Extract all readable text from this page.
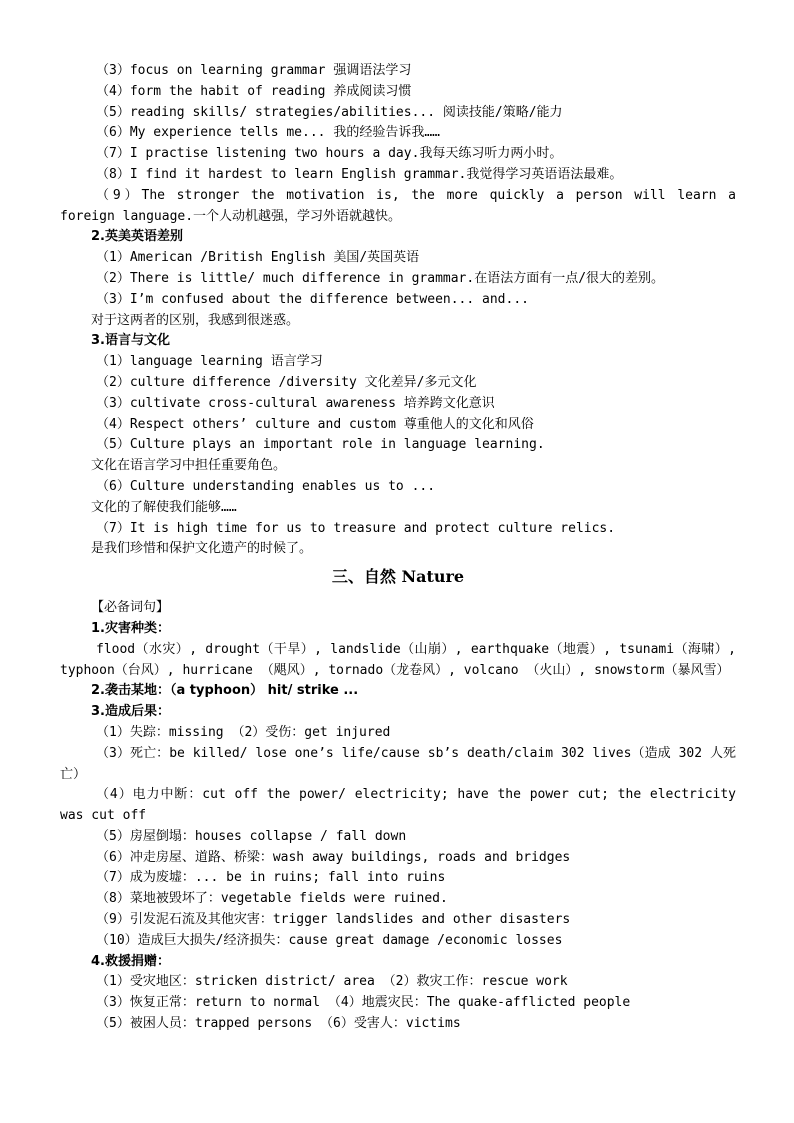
（3）focus on learning grammar 强调语法学习
（4）form the habit of reading 养成阅读习惯
（5）reading skills/ strategies/abilities... 阅读技能/策略/能力
（6）My experience tells me... 我的经验告诉我……
（7）I practise listening two hours a day.我每天练习听力两小时。
（8）I find it hardest to learn English grammar.我觉得学习英语语法最难。
（9）The stronger the motivation is, the more quickly a person will learn a foreign language.一个人动机越强，学习外语就越快。
2.英美英语差别
（1）American /British English 美国/英国英语
（2）There is little/ much difference in grammar.在语法方面有一点/很大的差别。
（3）I’m confused about the difference between... and...
对于这两者的区别，我感到很迷惑。
3.语言与文化
（1）language learning 语言学习
（2）culture difference /diversity 文化差异/多元文化
（3）cultivate cross-cultural awareness 培养跨文化意识
（4）Respect others’ culture and custom 尊重他人的文化和风俗
（5）Culture plays an important role in language learning.
文化在语言学习中担任重要角色。
（6）Culture understanding enables us to ...
文化的了解使我们能够……
（7）It is high time for us to treasure and protect culture relics.
是我们珍惜和保护文化遗产的时候了。
三、自然 Nature
【必备词句】
1.灾害种类：
flood（水灾）, drought（干旱）, landslide（山崩）, earthquake（地震）, tsunami（海啸）, typhoon（台风）, hurricane （飓风）, tornado（龙卷风）, volcano （火山）, snowstorm（暴风雪）
2.袭击某地：（a typhoon） hit/ strike ...
3.造成后果：
（1）失踪：missing （2）受伤：get injured
（3）死亡：be killed/ lose one’s life/cause sb’s death/claim 302 lives（造成 302 人死亡）
（4）电力中断：cut off the power/ electricity; have the power cut; the electricity was cut off
（5）房屋倒塌：houses collapse / fall down
（6）冲走房屋、道路、桥梁：wash away buildings, roads and bridges
（7）成为废墟：... be in ruins; fall into ruins
（8）菜地被毁坏了：vegetable fields were ruined.
（9）引发泥石流及其他灾害：trigger landslides and other disasters
（10）造成巨大损失/经济损失：cause great damage /economic losses
4.救援捐赠：
（1）受灾地区：stricken district/ area （2）救灾工作：rescue work
（3）恢复正常：return to normal （4）地震灾民：The quake-afflicted people
（5）被困人员：trapped persons （6）受害人：victims
